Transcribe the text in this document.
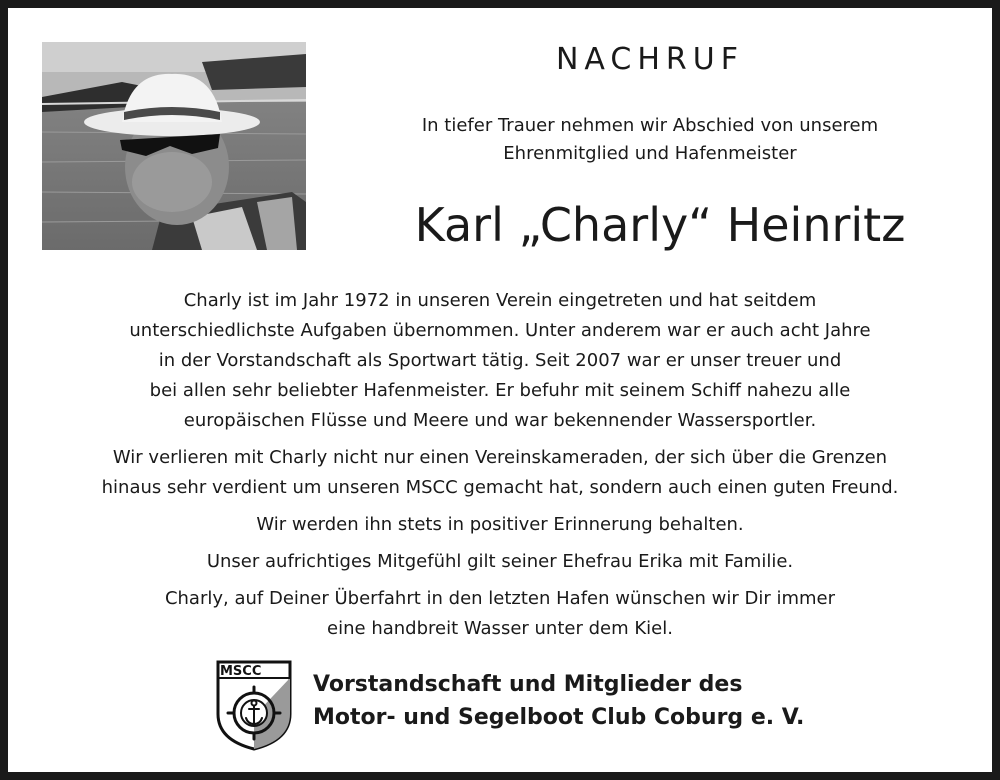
NACHRUF
In tiefer Trauer nehmen wir Abschied von unserem
Ehrenmitglied und Hafenmeister
Karl „Charly“ Heinritz

Charly ist im Jahr 1972 in unseren Verein eingetreten und hat seitdem
unterschiedlichste Aufgaben übernommen. Unter anderem war er auch acht Jahre
in der Vorstandschaft als Sportwart tätig. Seit 2007 war er unser treuer und
bei allen sehr beliebter Hafenmeister. Er befuhr mit seinem Schiff nahezu alle
europäischen Flüsse und Meere und war bekennender Wassersportler.

Wir verlieren mit Charly nicht nur einen Vereinskameraden, der sich über die Grenzen
hinaus sehr verdient um unseren MSCC gemacht hat, sondern auch einen guten Freund.

Wir werden ihn stets in positiver Erinnerung behalten.

Unser aufrichtiges Mitgefühl gilt seiner Ehefrau Erika mit Familie.

Charly, auf Deiner Überfahrt in den letzten Hafen wünschen wir Dir immer
eine handbreit Wasser unter dem Kiel.

MSCC
Vorstandschaft und Mitglieder des
Motor- und Segelboot Club Coburg e. V.
